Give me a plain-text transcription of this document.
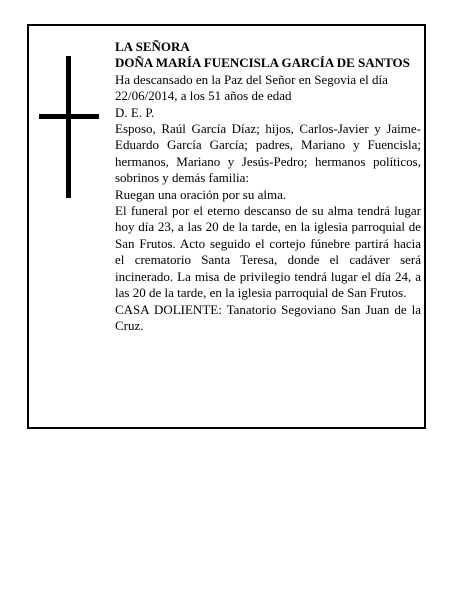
LA SEÑORA

DOÑA MARÍA FUENCISLA GARCÍA DE SANTOS

Ha descansado en la Paz del Señor en Segovia el día 22/06/2014, a los 51 años de edad

D. E. P.

Esposo, Raúl García Díaz; hijos, Carlos-Javier y Jaime-Eduardo García García; padres, Mariano y Fuencisla; hermanos, Mariano y Jesús-Pedro; hermanos políticos, sobrinos y demás familia:

Ruegan una oración por su alma.

El funeral por el eterno descanso de su alma tendrá lugar hoy día 23, a las 20 de la tarde, en la iglesia parroquial de San Frutos. Acto seguido el cortejo fúnebre partirá hacia el crematorio Santa Teresa, donde el cadáver será incinerado. La misa de privilegio tendrá lugar el día 24, a las 20 de la tarde, en la iglesia parroquial de San Frutos.

CASA DOLIENTE: Tanatorio Segoviano San Juan de la Cruz.
